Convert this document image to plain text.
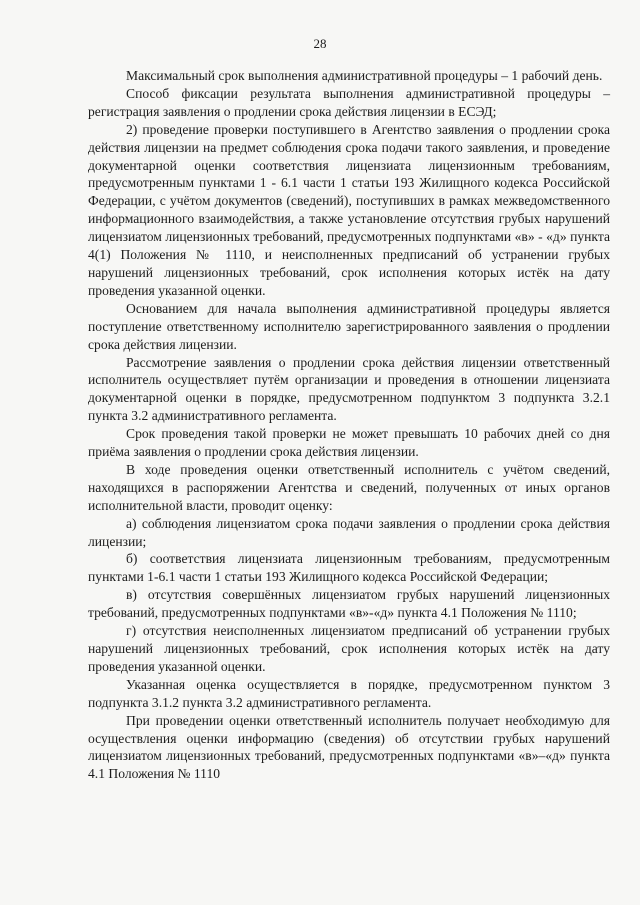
28

Максимальный срок выполнения административной процедуры – 1 рабочий день.

Способ фиксации результата выполнения административной процедуры – регистрация заявления о продлении срока действия лицензии в ЕСЭД;

2) проведение проверки поступившего в Агентство заявления о продлении срока действия лицензии на предмет соблюдения срока подачи такого заявления, и проведение документарной оценки соответствия лицензиата лицензионным требованиям, предусмотренным пунктами 1 - 6.1 части 1 статьи 193 Жилищного кодекса Российской Федерации, с учётом документов (сведений), поступивших в рамках межведомственного информационного взаимодействия, а также установление отсутствия грубых нарушений лицензиатом лицензионных требований, предусмотренных подпунктами «в» - «д» пункта 4(1) Положения № 1110, и неисполненных предписаний об устранении грубых нарушений лицензионных требований, срок исполнения которых истёк на дату проведения указанной оценки.

Основанием для начала выполнения административной процедуры является поступление ответственному исполнителю зарегистрированного заявления о продлении срока действия лицензии.

Рассмотрение заявления о продлении срока действия лицензии ответственный исполнитель осуществляет путём организации и проведения в отношении лицензиата документарной оценки в порядке, предусмотренном подпунктом 3 подпункта 3.2.1 пункта 3.2 административного регламента.

Срок проведения такой проверки не может превышать 10 рабочих дней со дня приёма заявления о продлении срока действия лицензии.

В ходе проведения оценки ответственный исполнитель с учётом сведений, находящихся в распоряжении Агентства и сведений, полученных от иных органов исполнительной власти, проводит оценку:

а) соблюдения лицензиатом срока подачи заявления о продлении срока действия лицензии;

б) соответствия лицензиата лицензионным требованиям, предусмотренным пунктами 1-6.1 части 1 статьи 193 Жилищного кодекса Российской Федерации;

в) отсутствия совершённых лицензиатом грубых нарушений лицензионных требований, предусмотренных подпунктами «в»-«д» пункта 4.1 Положения № 1110;

г) отсутствия неисполненных лицензиатом предписаний об устранении грубых нарушений лицензионных требований, срок исполнения которых истёк на дату проведения указанной оценки.

Указанная оценка осуществляется в порядке, предусмотренном пунктом 3 подпункта 3.1.2 пункта 3.2 административного регламента.

При проведении оценки ответственный исполнитель получает необходимую для осуществления оценки информацию (сведения) об отсутствии грубых нарушений лицензиатом лицензионных требований, предусмотренных подпунктами «в»–«д» пункта 4.1 Положения № 1110
